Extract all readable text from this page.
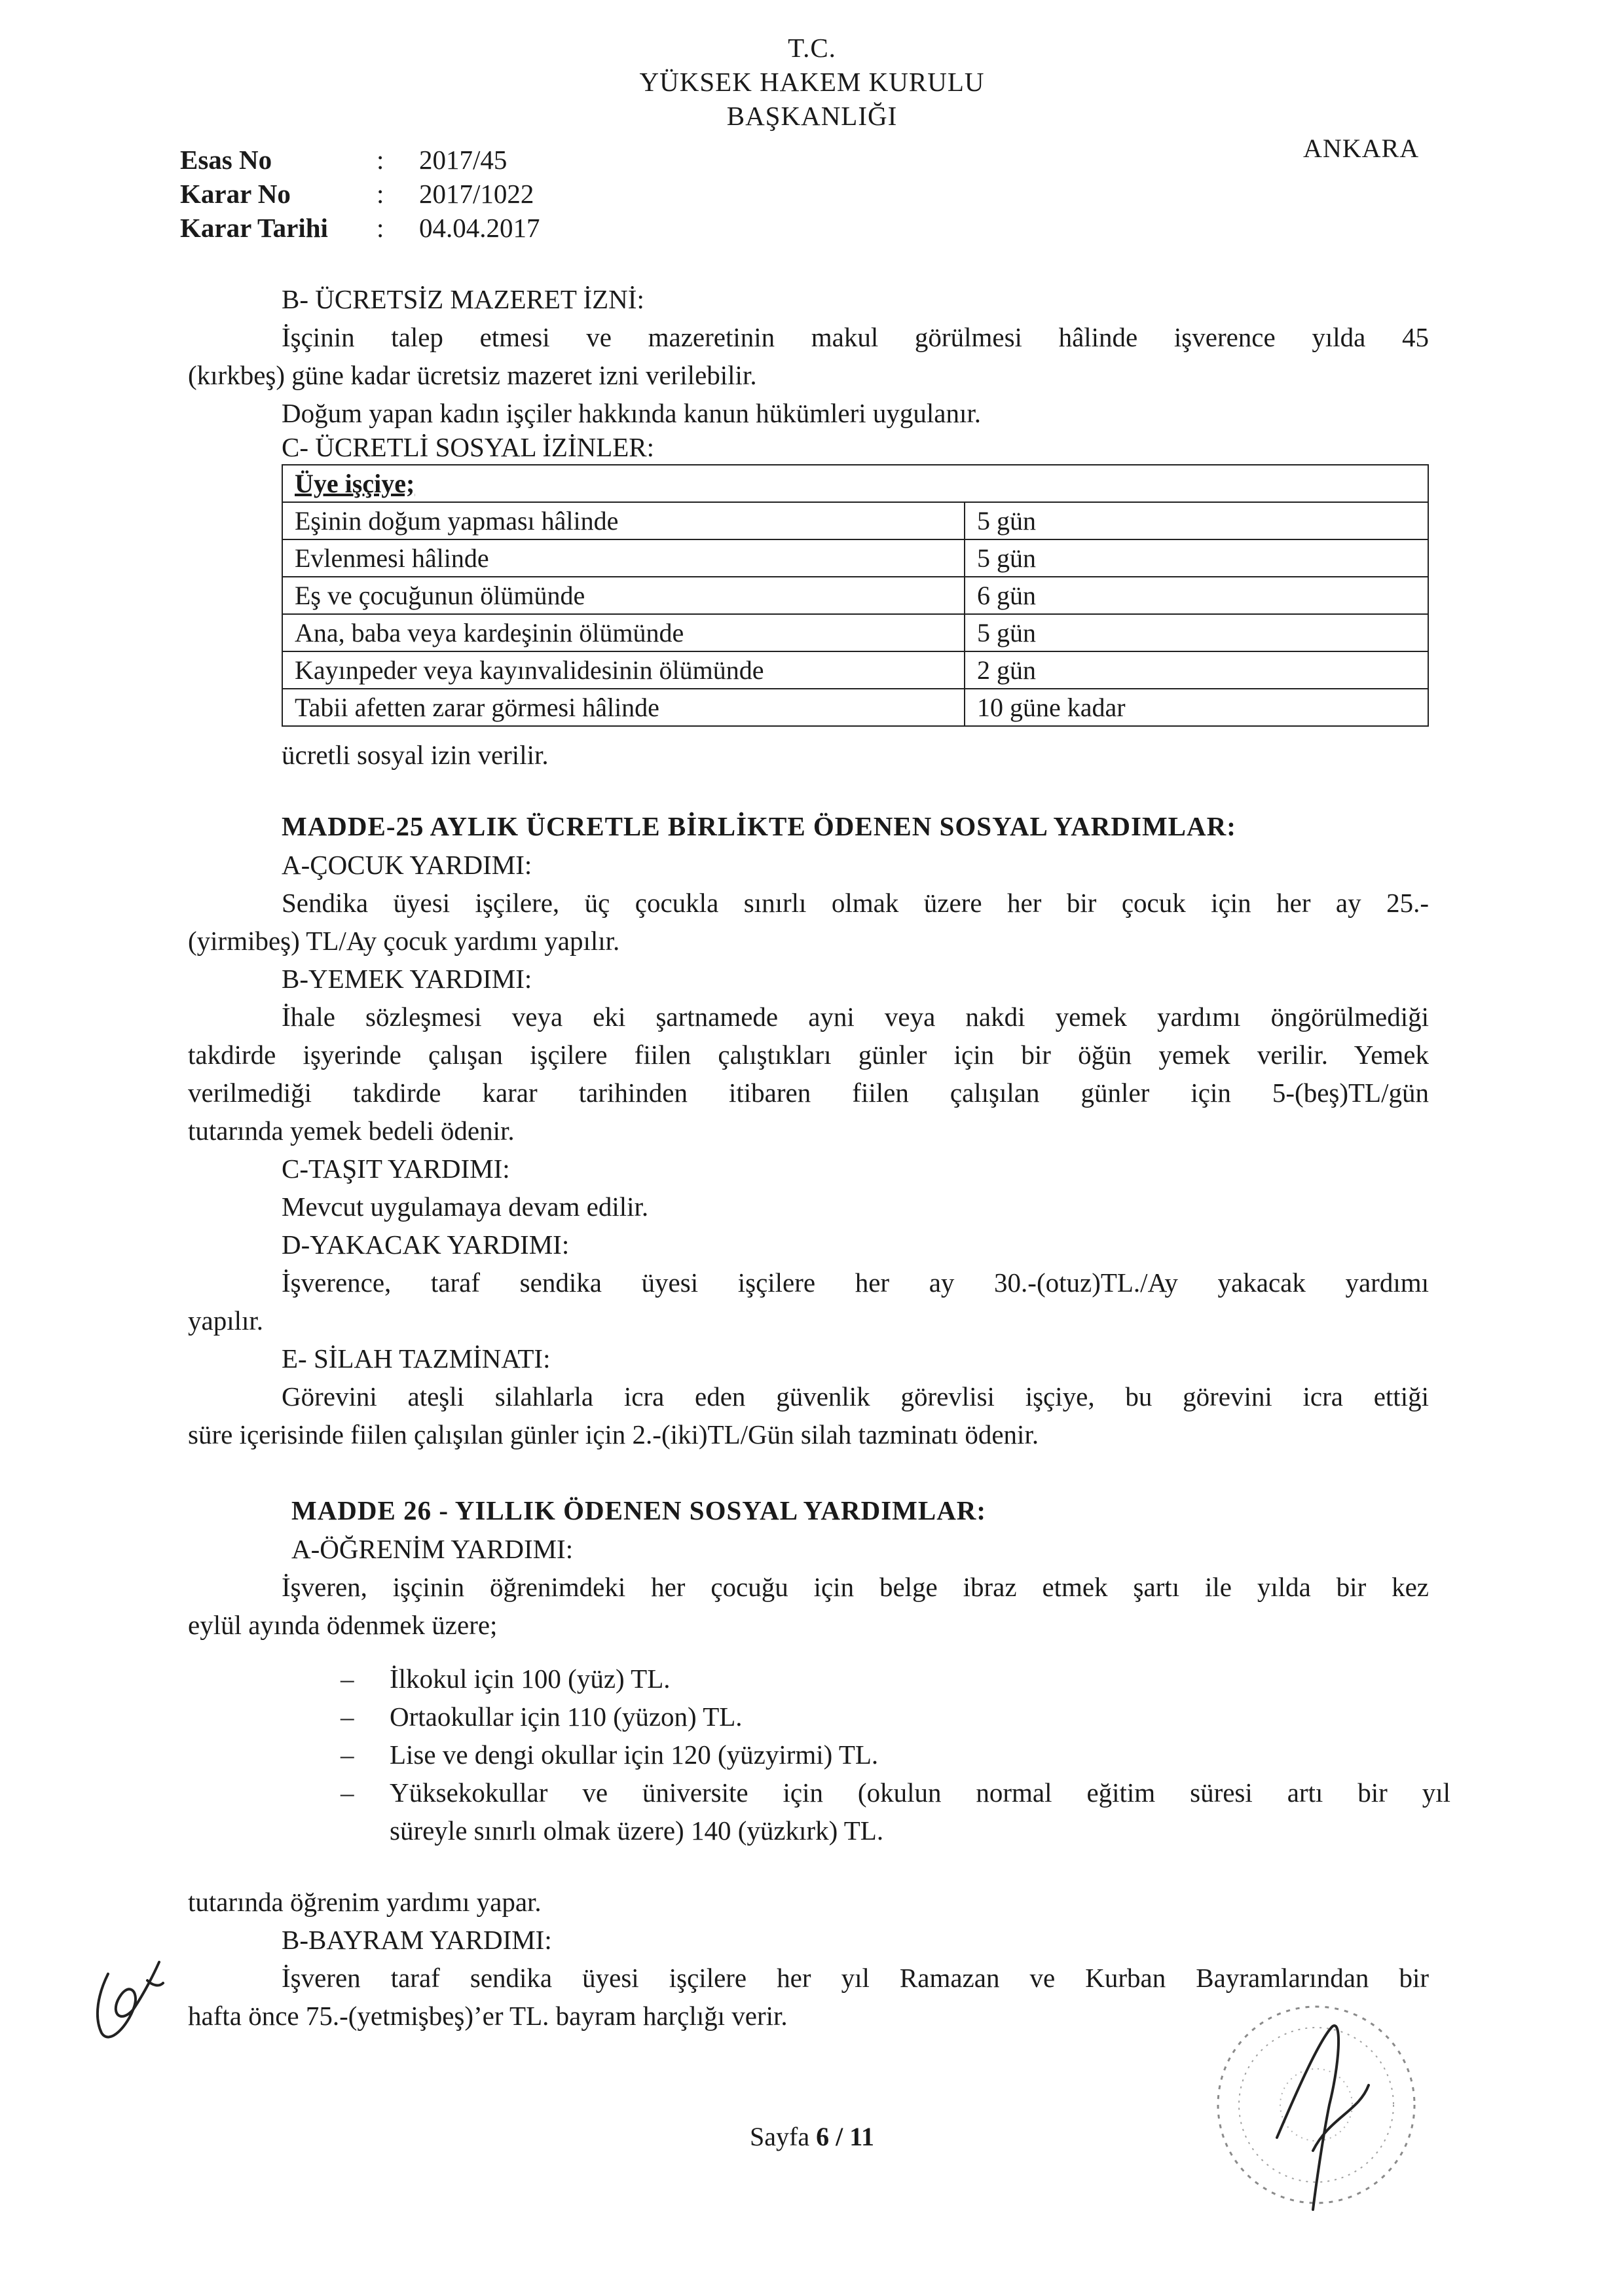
T.C.
YÜKSEK HAKEM KURULU
BAŞKANLIĞI
ANKARA
Esas No	:	2017/45
Karar No	:	2017/1022
Karar Tarihi	:	04.04.2017
B- ÜCRETSİZ MAZERET İZNİ:
İşçinin talep etmesi ve mazeretinin makul görülmesi hâlinde işverence yılda 45
(kırkbeş) güne kadar ücretsiz mazeret izni verilebilir.
Doğum yapan kadın işçiler hakkında kanun hükümleri uygulanır.
C- ÜCRETLİ SOSYAL İZİNLER:
Üye işçiye;	
Eşinin doğum yapması hâlinde	5 gün
Evlenmesi hâlinde	5 gün
Eş ve çocuğunun ölümünde	6 gün
Ana, baba veya kardeşinin ölümünde	5 gün
Kayınpeder veya kayınvalidesinin ölümünde	2 gün
Tabii afetten zarar görmesi hâlinde	10 güne kadar
ücretli sosyal izin verilir.
MADDE-25 AYLIK ÜCRETLE BİRLİKTE ÖDENEN SOSYAL YARDIMLAR:
A-ÇOCUK YARDIMI:
Sendika üyesi işçilere, üç çocukla sınırlı olmak üzere her bir çocuk için her ay 25.-
(yirmibeş) TL/Ay çocuk yardımı yapılır.
B-YEMEK YARDIMI:
İhale sözleşmesi veya eki şartnamede ayni veya nakdi yemek yardımı öngörülmediği
takdirde işyerinde çalışan işçilere fiilen çalıştıkları günler için bir öğün yemek verilir. Yemek
verilmediği takdirde karar tarihinden itibaren fiilen çalışılan günler için 5-(beş)TL/gün
tutarında yemek bedeli ödenir.
C-TAŞIT YARDIMI:
Mevcut uygulamaya devam edilir.
D-YAKACAK YARDIMI:
İşverence, taraf sendika üyesi işçilere her ay 30.-(otuz)TL./Ay yakacak yardımı
yapılır.
E- SİLAH TAZMİNATI:
Görevini ateşli silahlarla icra eden güvenlik görevlisi işçiye, bu görevini icra ettiği
süre içerisinde fiilen çalışılan günler için 2.-(iki)TL/Gün silah tazminatı ödenir.
MADDE 26 - YILLIK ÖDENEN SOSYAL YARDIMLAR:
A-ÖĞRENİM YARDIMI:
İşveren, işçinin öğrenimdeki her çocuğu için belge ibraz etmek şartı ile yılda bir kez
eylül ayında ödenmek üzere;
–	İlkokul için 100 (yüz) TL.
–	Ortaokullar için 110 (yüzon) TL.
–	Lise ve dengi okullar için 120 (yüzyirmi) TL.
–	Yüksekokullar ve üniversite için (okulun normal eğitim süresi artı bir yıl
süreyle sınırlı olmak üzere) 140 (yüzkırk) TL.
tutarında öğrenim yardımı yapar.
B-BAYRAM YARDIMI:
İşveren taraf sendika üyesi işçilere her yıl Ramazan ve Kurban Bayramlarından bir
hafta önce 75.-(yetmişbeş)’er TL. bayram harçlığı verir.
Sayfa 6 / 11
